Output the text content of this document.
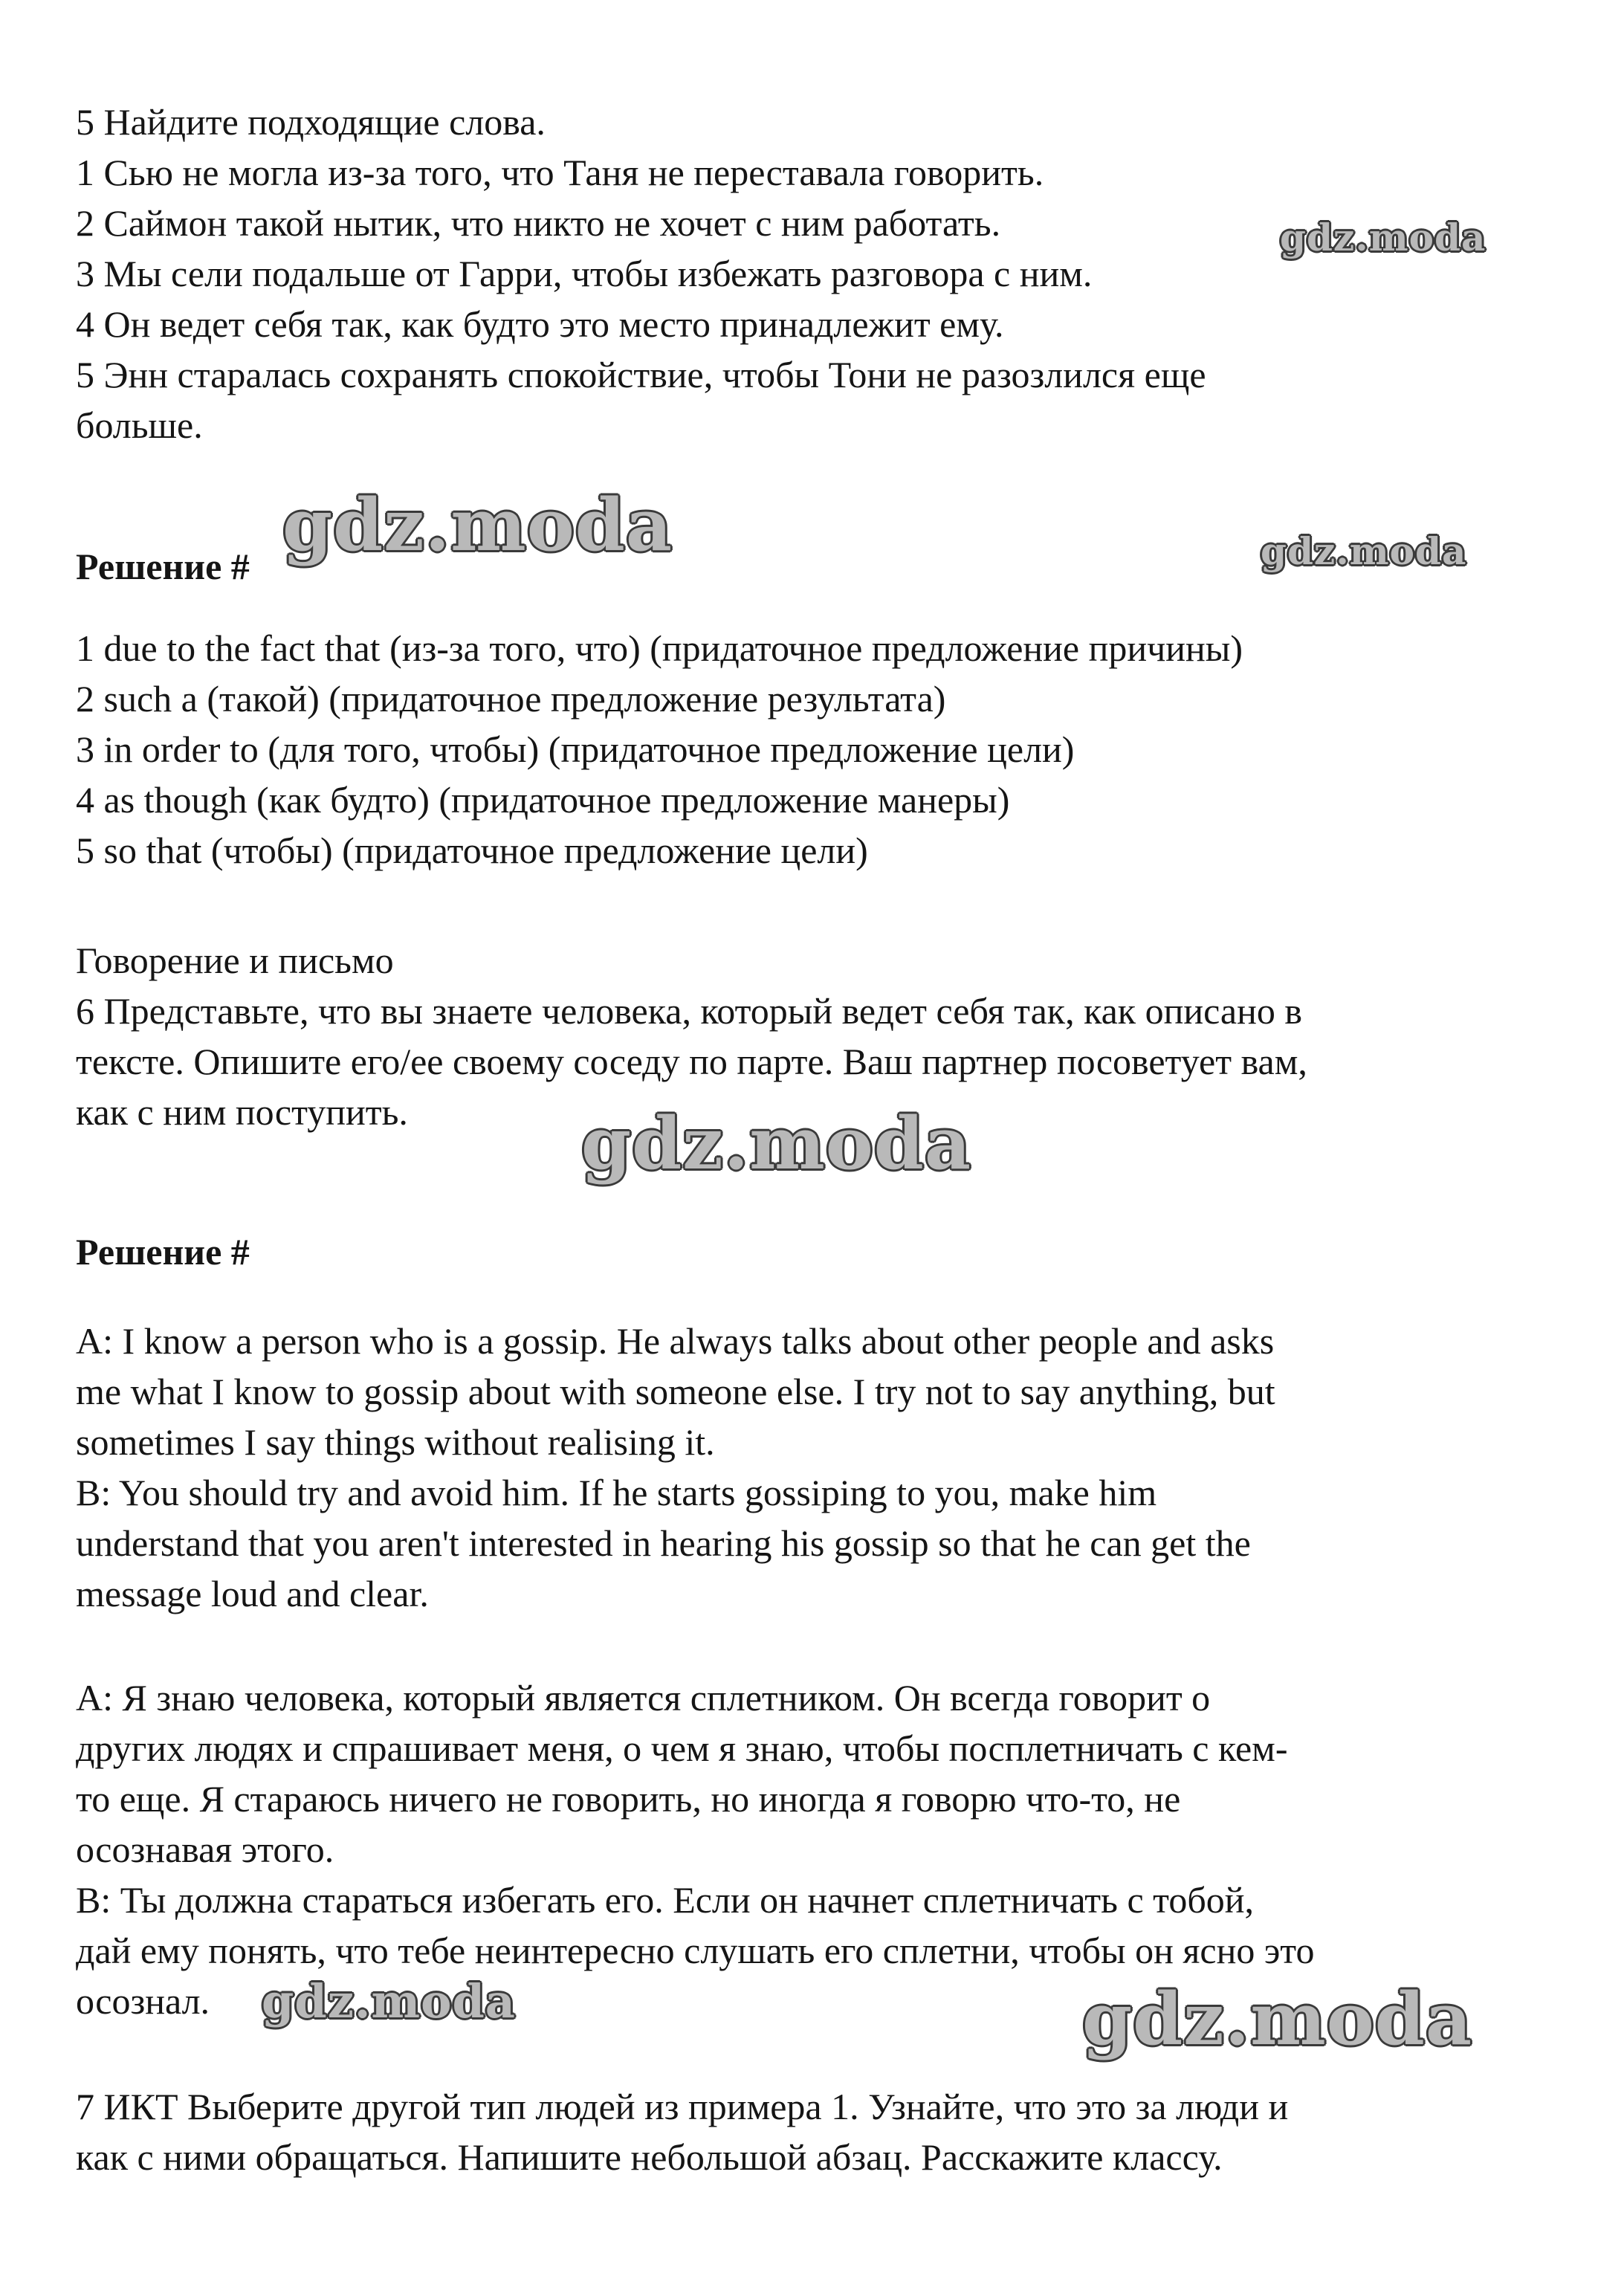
5 Найдите подходящие слова.
1 Сью не могла из-за того, что Таня не переставала говорить.
2 Саймон такой нытик, что никто не хочет с ним работать.
3 Мы сели подальше от Гарри, чтобы избежать разговора с ним.
4 Он ведет себя так, как будто это место принадлежит ему.
5 Энн старалась сохранять спокойствие, чтобы Тони не разозлился еще
больше.
Решение #
1 due to the fact that (из-за того, что) (придаточное предложение причины)
2 such a (такой) (придаточное предложение результата)
3 in order to (для того, чтобы) (придаточное предложение цели)
4 as though (как будто) (придаточное предложение манеры)
5 so that (чтобы) (придаточное предложение цели)
Говорение и письмо
6 Представьте, что вы знаете человека, который ведет себя так, как описано в
тексте. Опишите его/ее своему соседу по парте. Ваш партнер посоветует вам,
как с ним поступить.
Решение #
A: I know a person who is a gossip. He always talks about other people and asks
me what I know to gossip about with someone else. I try not to say anything, but
sometimes I say things without realising it.
B: You should try and avoid him. If he starts gossiping to you, make him
understand that you aren't interested in hearing his gossip so that he can get the
message loud and clear.
A: Я знаю человека, который является сплетником. Он всегда говорит о
других людях и спрашивает меня, о чем я знаю, чтобы посплетничать с кем-
то еще. Я стараюсь ничего не говорить, но иногда я говорю что-то, не
осознавая этого.
B: Ты должна стараться избегать его. Если он начнет сплетничать с тобой,
дай ему понять, что тебе неинтересно слушать его сплетни, чтобы он ясно это
осознал.
7 ИКТ Выберите другой тип людей из примера 1. Узнайте, что это за люди и
как с ними обращаться. Напишите небольшой абзац. Расскажите классу.
gdz.moda
gdz.moda	gdz.moda
gdz.moda
gdz.moda	gdz.moda
